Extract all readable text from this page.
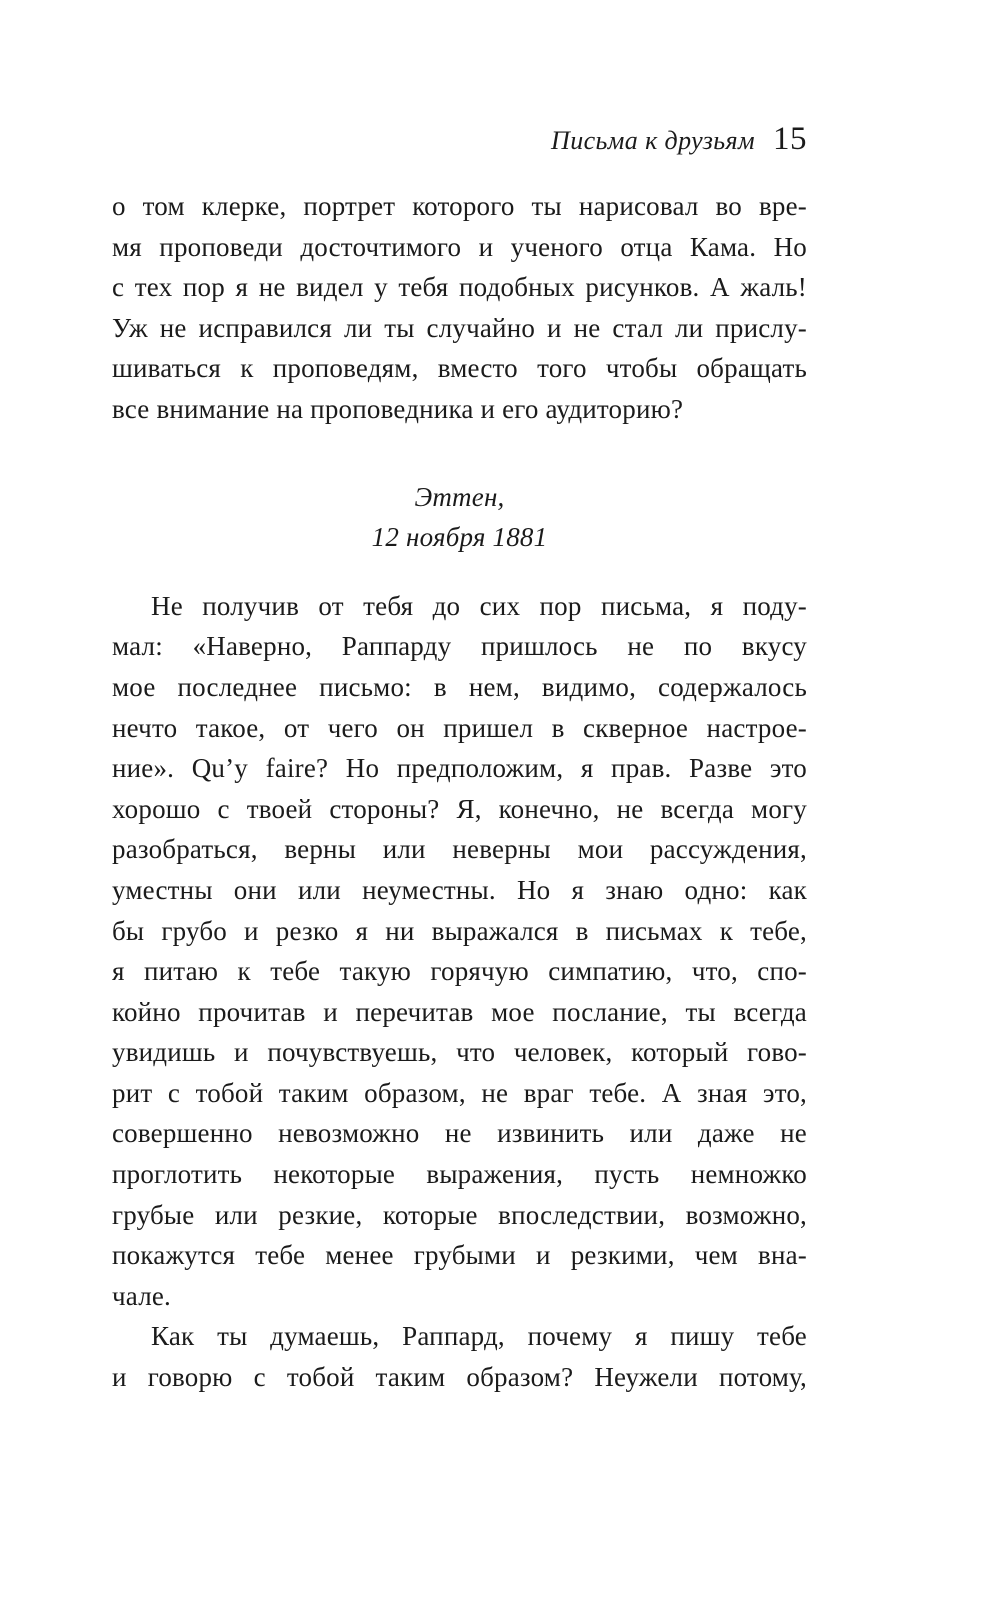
Письма к друзьям 15
о том клерке, портрет которого ты нарисовал во вре-
мя проповеди досточтимого и ученого отца Кама. Но
с тех пор я не видел у тебя подобных рисунков. А жаль!
Уж не исправился ли ты случайно и не стал ли прислу-
шиваться к проповедям, вместо того чтобы обращать
все внимание на проповедника и его аудиторию?
Эттен,
12 ноября 1881
Не получив от тебя до сих пор письма, я поду-
мал: «Наверно, Раппарду пришлось не по вкусу
мое последнее письмо: в нем, видимо, содержалось
нечто такое, от чего он пришел в скверное настрое-
ние». Qu’y faire? Но предположим, я прав. Разве это
хорошо с твоей стороны? Я, конечно, не всегда могу
разобраться, верны или неверны мои рассуждения,
уместны они или неуместны. Но я знаю одно: как
бы грубо и резко я ни выражался в письмах к тебе,
я питаю к тебе такую горячую симпатию, что, спо-
койно прочитав и перечитав мое послание, ты всегда
увидишь и почувствуешь, что человек, который гово-
рит с тобой таким образом, не враг тебе. А зная это,
совершенно невозможно не извинить или даже не
проглотить некоторые выражения, пусть немножко
грубые или резкие, которые впоследствии, возможно,
покажутся тебе менее грубыми и резкими, чем вна-
чале.
Как ты думаешь, Раппард, почему я пишу тебе
и говорю с тобой таким образом? Неужели потому,
